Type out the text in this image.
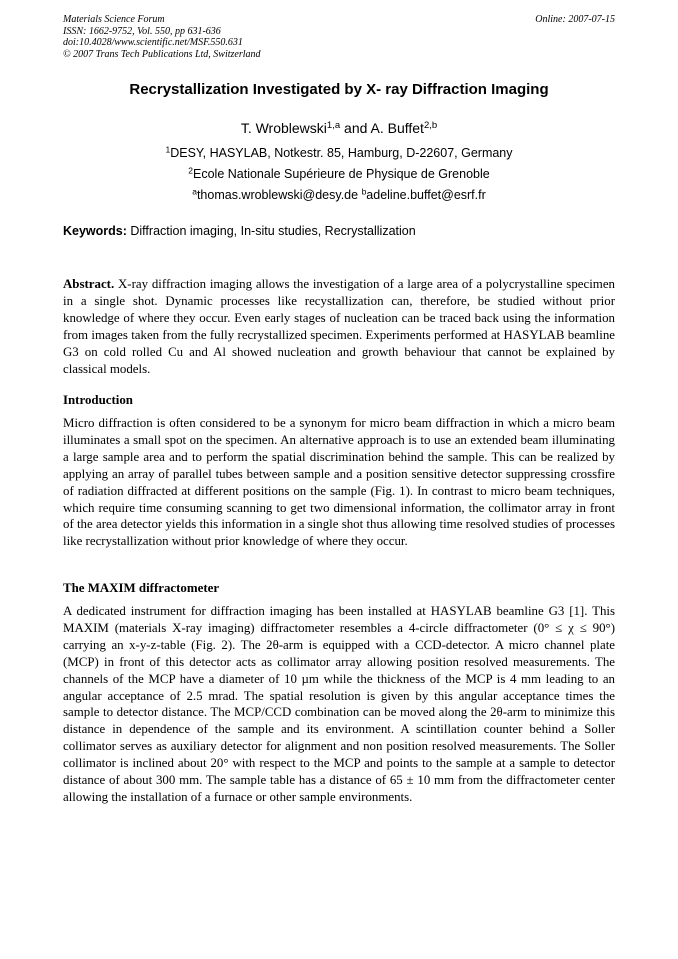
Materials Science Forum
ISSN: 1662-9752, Vol. 550, pp 631-636
doi:10.4028/www.scientific.net/MSF.550.631
© 2007 Trans Tech Publications Ltd, Switzerland
Online: 2007-07-15
Recrystallization Investigated by X- ray Diffraction Imaging
T. Wroblewski$^{1,a}$ and A. Buffet$^{2,b}$
$^1$DESY, HASYLAB, Notkestr. 85, Hamburg, D-22607, Germany
$^2$Ecole Nationale Supérieure de Physique de Grenoble
$^a$thomas.wroblewski@desy.de $^b$adeline.buffet@esrf.fr
Keywords: Diffraction imaging, In-situ studies, Recrystallization
Abstract. X-ray diffraction imaging allows the investigation of a large area of a polycrystalline specimen in a single shot. Dynamic processes like recystallization can, therefore, be studied without prior knowledge of where they occur. Even early stages of nucleation can be traced back using the information from images taken from the fully recrystallized specimen. Experiments performed at HASYLAB beamline G3 on cold rolled Cu and Al showed nucleation and growth behaviour that cannot be explained by classical models.
Introduction
Micro diffraction is often considered to be a synonym for micro beam diffraction in which a micro beam illuminates a small spot on the specimen. An alternative approach is to use an extended beam illuminating a large sample area and to perform the spatial discrimination behind the sample. This can be realized by applying an array of parallel tubes between sample and a position sensitive detector suppressing crossfire of radiation diffracted at different positions on the sample (Fig. 1). In contrast to micro beam techniques, which require time consuming scanning to get two dimensional information, the collimator array in front of the area detector yields this information in a single shot thus allowing time resolved studies of processes like recrystallization without prior knowledge of where they occur.
The MAXIM diffractometer
A dedicated instrument for diffraction imaging has been installed at HASYLAB beamline G3 [1]. This MAXIM (materials X-ray imaging) diffractometer resembles a 4-circle diffractometer (0° ≤ χ ≤ 90°) carrying an x-y-z-table (Fig. 2). The 2θ-arm is equipped with a CCD-detector. A micro channel plate (MCP) in front of this detector acts as collimator array allowing position resolved measurements. The channels of the MCP have a diameter of 10 µm while the thickness of the MCP is 4 mm leading to an angular acceptance of 2.5 mrad. The spatial resolution is given by this angular acceptance times the sample to detector distance. The MCP/CCD combination can be moved along the 2θ-arm to minimize this distance in dependence of the sample and its environment. A scintillation counter behind a Soller collimator serves as auxiliary detector for alignment and non position resolved measurements. The Soller collimator is inclined about 20° with respect to the MCP and points to the sample at a sample to detector distance of about 300 mm. The sample table has a distance of 65 ± 10 mm from the diffractometer center allowing the installation of a furnace or other sample environments.
